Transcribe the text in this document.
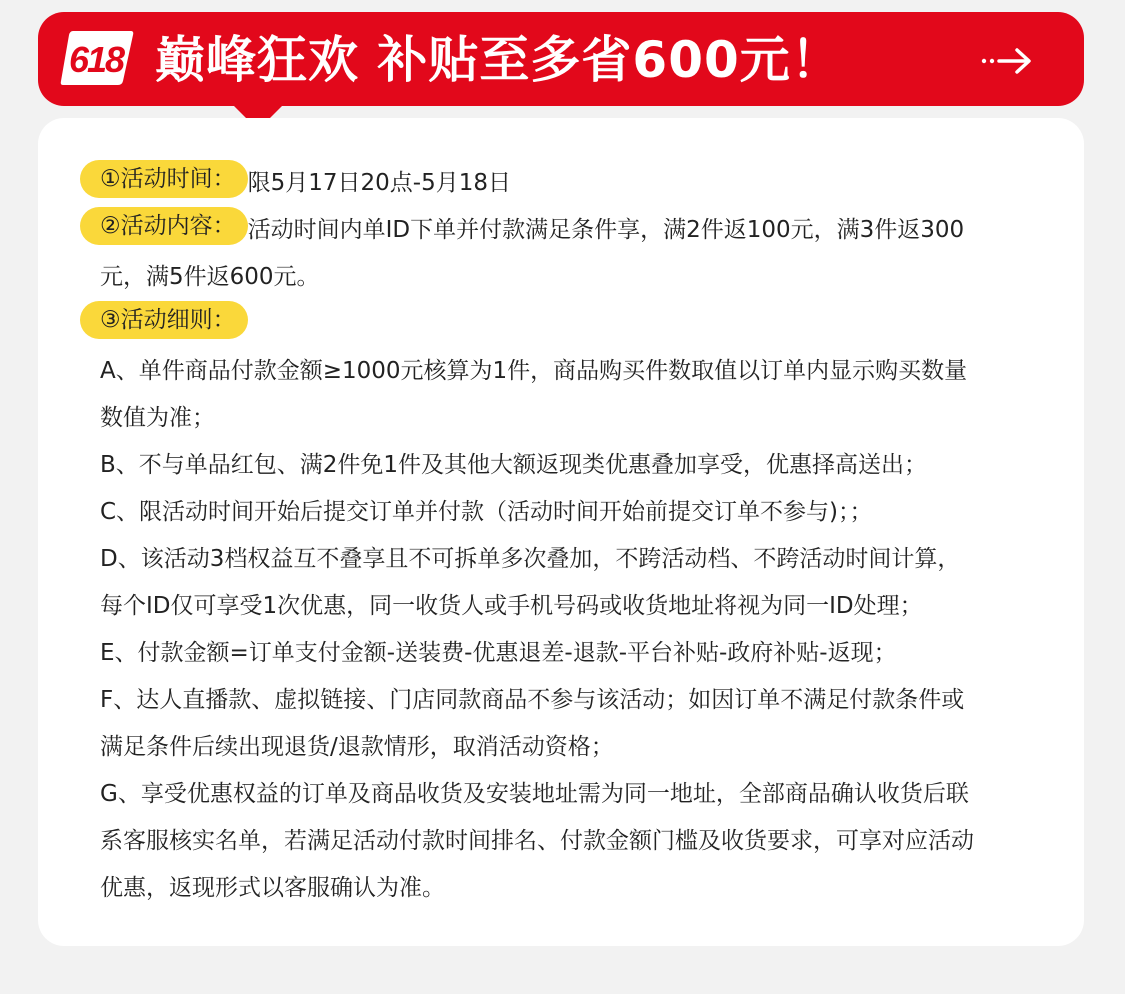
618 巅峰狂欢 补贴至多省600元！
①活动时间： 限5月17日20点-5月18日
②活动内容： 活动时间内单ID下单并付款满足条件享，满2件返100元，满3件返300
元，满5件返600元。
③活动细则：
A、单件商品付款金额≥1000元核算为1件，商品购买件数取值以订单内显示购买数量
数值为准；
B、不与单品红包、满2件免1件及其他大额返现类优惠叠加享受，优惠择高送出；
C、限活动时间开始后提交订单并付款（活动时间开始前提交订单不参与)；；
D、该活动3档权益互不叠享且不可拆单多次叠加，不跨活动档、不跨活动时间计算，
每个ID仅可享受1次优惠，同一收货人或手机号码或收货地址将视为同一ID处理；
E、付款金额=订单支付金额-送装费-优惠退差-退款-平台补贴-政府补贴-返现；
F、达人直播款、虚拟链接、门店同款商品不参与该活动；如因订单不满足付款条件或
满足条件后续出现退货/退款情形，取消活动资格；
G、享受优惠权益的订单及商品收货及安装地址需为同一地址，全部商品确认收货后联
系客服核实名单，若满足活动付款时间排名、付款金额门槛及收货要求，可享对应活动
优惠，返现形式以客服确认为准。
